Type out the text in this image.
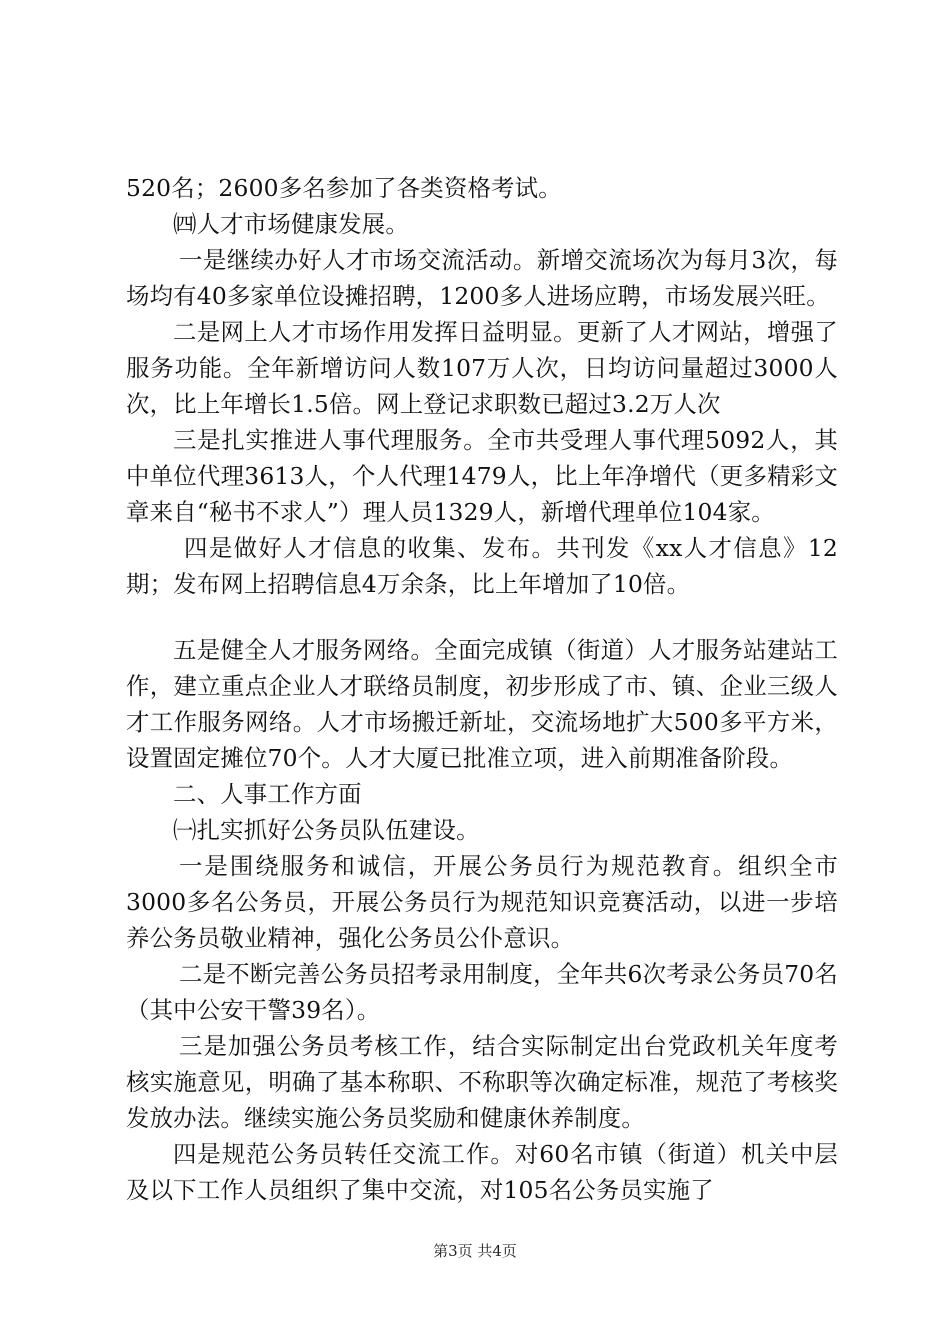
520名；2600多名参加了各类资格考试。

㈣人才市场健康发展。

一是继续办好人才市场交流活动。新增交流场次为每月3次，每场均有40多家单位设摊招聘，1200多人进场应聘，市场发展兴旺。

二是网上人才市场作用发挥日益明显。更新了人才网站，增强了服务功能。全年新增访问人数107万人次，日均访问量超过3000人次，比上年增长1.5倍。网上登记求职数已超过3.2万人次

三是扎实推进人事代理服务。全市共受理人事代理5092人，其中单位代理3613人，个人代理1479人，比上年净增代（更多精彩文章来自“秘书不求人”）理人员1329人，新增代理单位104家。

四是做好人才信息的收集、发布。共刊发《xx人才信息》12期；发布网上招聘信息4万余条，比上年增加了10倍。

五是健全人才服务网络。全面完成镇（街道）人才服务站建站工作，建立重点企业人才联络员制度，初步形成了市、镇、企业三级人才工作服务网络。人才市场搬迁新址，交流场地扩大500多平方米，设置固定摊位70个。人才大厦已批准立项，进入前期准备阶段。

二、人事工作方面

㈠扎实抓好公务员队伍建设。

一是围绕服务和诚信，开展公务员行为规范教育。组织全市3000多名公务员，开展公务员行为规范知识竞赛活动，以进一步培养公务员敬业精神，强化公务员公仆意识。

二是不断完善公务员招考录用制度，全年共6次考录公务员70名（其中公安干警39名）。

三是加强公务员考核工作，结合实际制定出台党政机关年度考核实施意见，明确了基本称职、不称职等次确定标准，规范了考核奖发放办法。继续实施公务员奖励和健康休养制度。

四是规范公务员转任交流工作。对60名市镇（街道）机关中层及以下工作人员组织了集中交流，对105名公务员实施了

第3页 共4页
